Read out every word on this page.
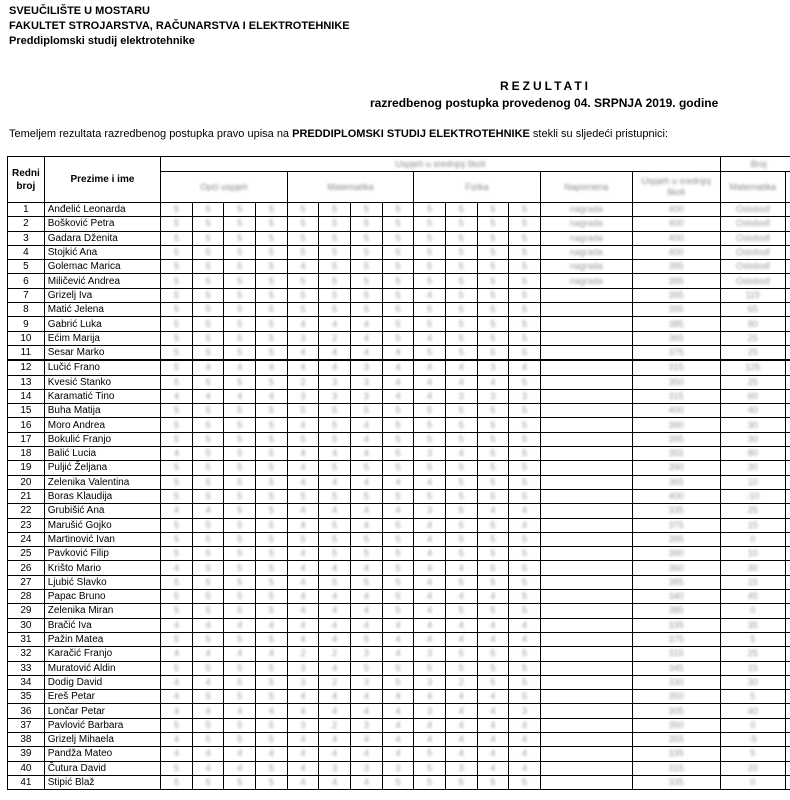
SVEUČILIŠTE U MOSTARU
FAKULTET STROJARSTVA, RAČUNARSTVA I ELEKTROTEHNIKE
Preddiplomski studij elektrotehnike
REZULTATI
razredbenog postupka provedenog 04. SRPNJA 2019. godine
Temeljem rezultata razredbenog postupka pravo upisa na PREDDIPLOMSKI STUDIJ ELEKTROTEHNIKE stekli su sljedeći pristupnici:
Redni broj	Prezime i ime	Uspjeh u srednjoj školi														Broj	
		Opći uspjeh				Matematika				Fizika				Napomena	Uspjeh u srednjoj školi	Matematika	
1	Anđelić Leonarda	5	5	5	5	5	5	5	5	5	5	5	5	nagrada	400	Oslobođ	
2	Bošković Petra	5	5	5	5	5	5	5	5	5	5	5	5	nagrada	400	Oslobođ	
3	Gadara Dženita	5	5	5	5	5	5	5	5	5	5	5	5	nagrada	400	Oslobođ	
4	Stojkić Ana	5	5	5	5	5	5	5	5	5	5	5	5	nagrada	400	Oslobođ	
5	Golemac Marica	5	5	5	5	4	5	5	5	5	5	5	5	nagrada	395	Oslobođ	
6	Miličević Andrea	5	5	5	5	5	5	5	5	5	5	5	5	nagrada	395	Oslobođ	
7	Grizelj Iva	5	5	5	5	5	5	5	5	4	5	5	5		395	115	
8	Matić Jelena	5	5	5	5	5	5	5	5	5	5	5	5		395	65	
9	Gabrić Luka	5	5	5	5	4	4	4	5	5	5	5	5		385	90	
10	Ećim Marija	5	5	5	5	3	2	4	5	4	5	5	5		365	25	
11	Sesar Marko	5	5	5	5	4	4	4	4	5	5	5	5		375	25	
12	Lučić Frano	5	4	4	4	4	4	3	4	4	4	3	4		315	125	
13	Kvesić Stanko	5	5	5	5	2	3	3	4	4	4	4	5		350	25	
14	Karamatić Tino	4	4	4	4	3	3	3	4	4	3	3	3		315	60	
15	Buha Matija	5	5	5	5	5	5	5	5	5	5	5	5		400	40	
16	Moro Andrea	5	5	5	5	4	5	4	5	5	5	5	5		390	30	
17	Bokulić Franjo	5	5	5	5	5	5	4	5	5	5	5	5		395	30	
18	Balić Lucia	4	5	5	5	4	4	4	5	3	4	5	5		355	80	
19	Puljić Željana	5	5	5	5	4	5	5	5	5	5	5	5		390	30	
20	Zelenika Valentina	5	5	5	5	4	4	4	4	4	5	5	5		365	10	
21	Boras Klaudija	5	5	5	5	5	5	5	5	5	5	5	5		400	-10	
22	Grubišić Ana	4	4	5	5	4	4	4	4	3	5	4	4		335	25	
23	Marušić Gojko	5	5	5	5	4	5	4	5	4	5	5	4		375	15	
24	Martinović Ivan	5	5	5	5	5	5	5	5	4	5	5	5		395	0	
25	Pavković Filip	5	5	5	5	4	5	5	5	4	5	5	5		390	10	
26	Krišto Mario	4	5	5	5	4	4	4	5	4	4	5	5		360	30	
27	Ljubić Slavko	5	5	5	5	4	5	5	5	4	5	5	5		385	15	
28	Papac Bruno	5	5	5	5	4	4	4	5	4	4	4	5		340	45	
29	Zelenika Miran	5	5	5	5	4	4	4	5	4	5	5	5		385	0	
30	Bračić Iva	4	4	4	4	4	4	4	4	4	4	4	4		335	35	
31	Pažin Matea	5	5	5	5	4	4	5	4	4	4	4	4		375	5	
32	Karačić Franjo	4	4	4	4	2	2	3	4	3	5	5	5		315	25	
33	Muratović Aldin	5	5	5	5	3	4	5	5	5	5	5	5		345	15	
34	Dodig David	4	4	5	5	3	2	3	5	3	2	5	5		330	30	
35	Ereš Petar	4	5	5	5	4	4	4	4	4	4	4	5		350	5	
36	Lončar Petar	4	4	4	4	4	4	4	4	3	4	4	3		305	40	
37	Pavlović Barbara	5	5	5	5	3	2	3	4	4	4	4	4		350	0	
38	Grizelj Mihaela	4	5	5	5	4	4	4	4	4	4	4	4		355	-5	
39	Pandža Mateo	4	4	4	4	4	4	4	4	5	4	4	4		335	5	
40	Čutura David	5	4	4	5	4	3	3	3	5	3	4	4		315	20	
41	Stipić Blaž	5	5	5	5	4	4	4	5	5	5	5	5		335	0	
